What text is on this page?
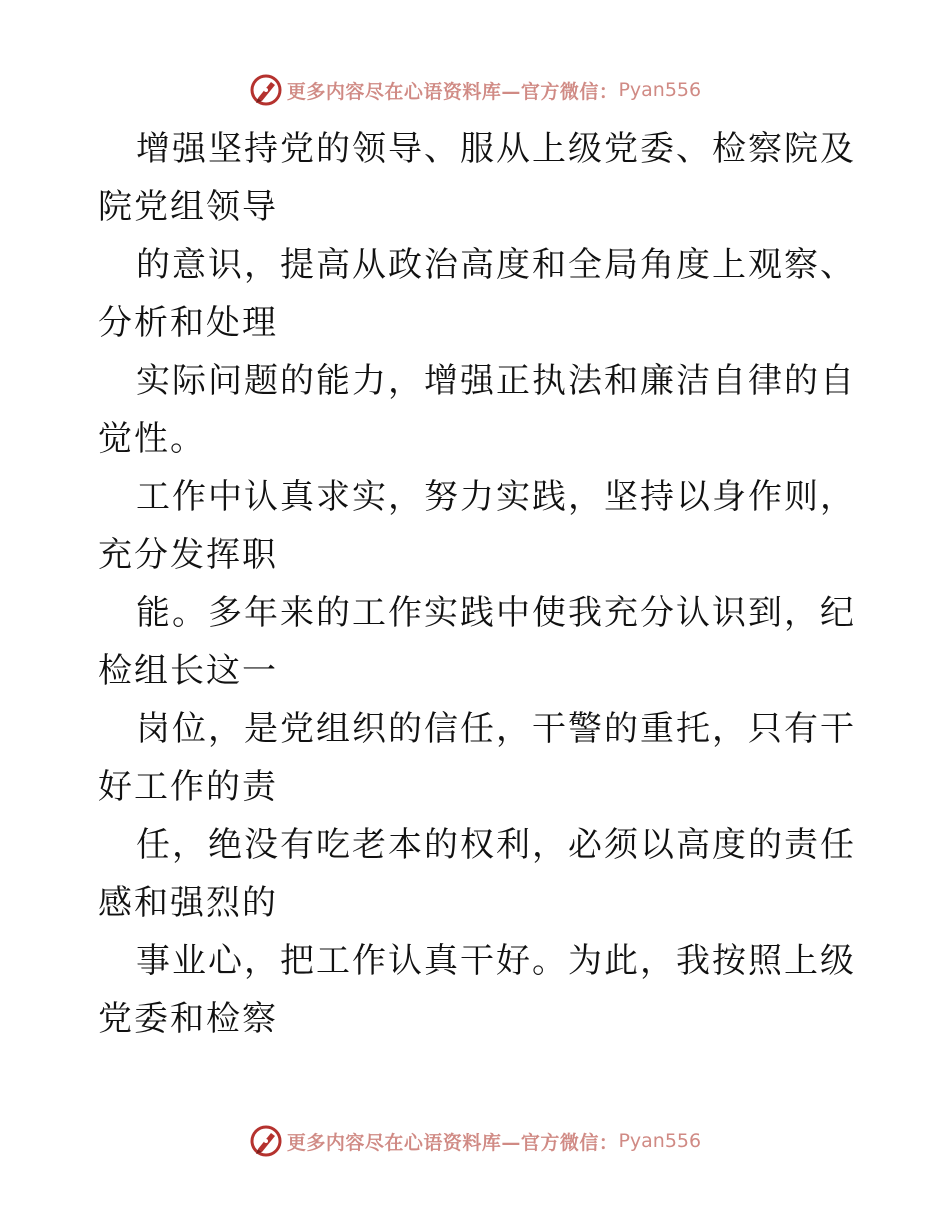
更多内容尽在心语资料库— 官方微信： Pyan556

增强坚持党的领导、服从上级党委、检察院及院党组领导

的意识，提高从政治高度和全局角度上观察、分析和处理

实际问题的能力，增强正执法和廉洁自律的自觉性。

工作中认真求实，努力实践，坚持以身作则，充分发挥职

能。多年来的工作实践中使我充分认识到，纪检组长这一

岗位，是党组织的信任，干警的重托，只有干好工作的责

任，绝没有吃老本的权利，必须以高度的责任感和强烈的

事业心，把工作认真干好。为此，我按照上级党委和检察

更多内容尽在心语资料库— 官方微信： Pyan556
